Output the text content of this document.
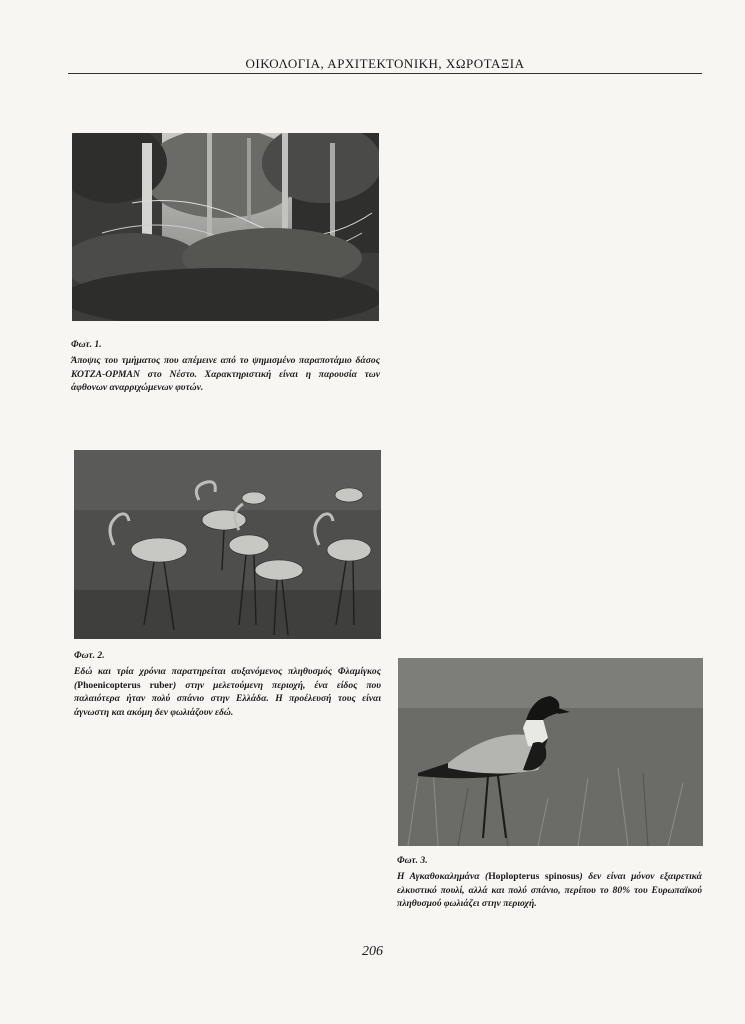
ΟΙΚΟΛΟΓΙΑ, ΑΡΧΙΤΕΚΤΟΝΙΚΗ, ΧΩΡΟΤΑΞΙΑ
Φωτ. 1.
Άποψις του τμήματος που απέμεινε από το ψημισμένο παραποτάμιο δάσος ΚΟΤΖΑ-ΟΡΜΑΝ στο Νέστο. Χαρακτηριστική είναι η παρουσία των άφθονων αναρριχώμενων φυτών.
Φωτ. 2.
Εδώ και τρία χρόνια παρατηρείται αυξανόμενος πληθυσμός Φλαμίγκος (Phoenicopterus ruber) στην μελετούμενη περιοχή, ένα είδος που παλαιότερα ήταν πολύ σπάνιο στην Ελλάδα. Η προέλευσή τους είναι άγνωστη και ακόμη δεν φωλιάζουν εδώ.
Φωτ. 3.
Η Αγκαθοκαλημάνα (Hoplopterus spinosus) δεν είναι μόνον εξαιρετικά ελκυστικό πουλί, αλλά και πολύ σπάνιο, περίπου το 80% του Ευρωπαϊκού πληθυσμού φωλιάζει στην περιοχή.
206
